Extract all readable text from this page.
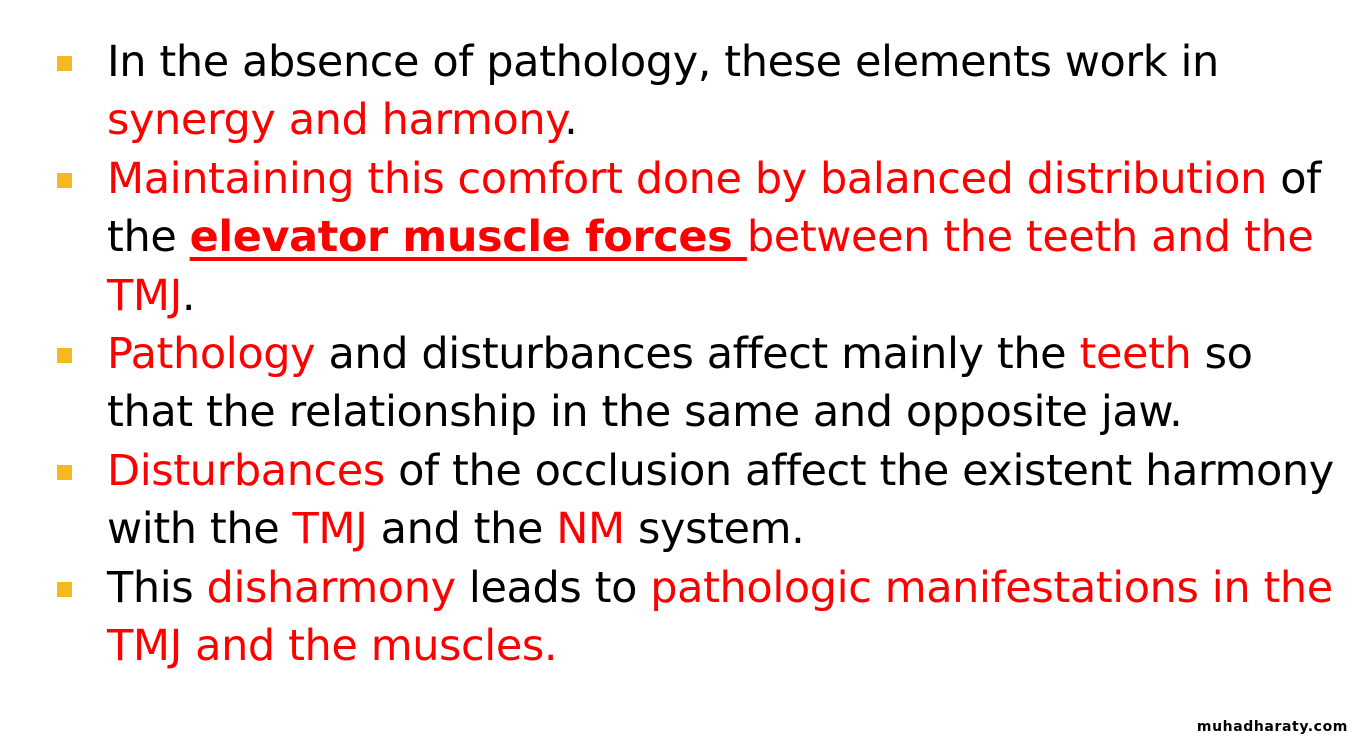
In the absence of pathology, these elements work in synergy and harmony.
Maintaining this comfort done by balanced distribution of the elevator muscle forces between the teeth and the TMJ.
Pathology and disturbances affect mainly the teeth so that the relationship in the same and opposite jaw.
Disturbances of the occlusion affect the existent harmony with the TMJ and the NM system.
This disharmony leads to pathologic manifestations in the TMJ and the muscles.
muhadharaty.com
